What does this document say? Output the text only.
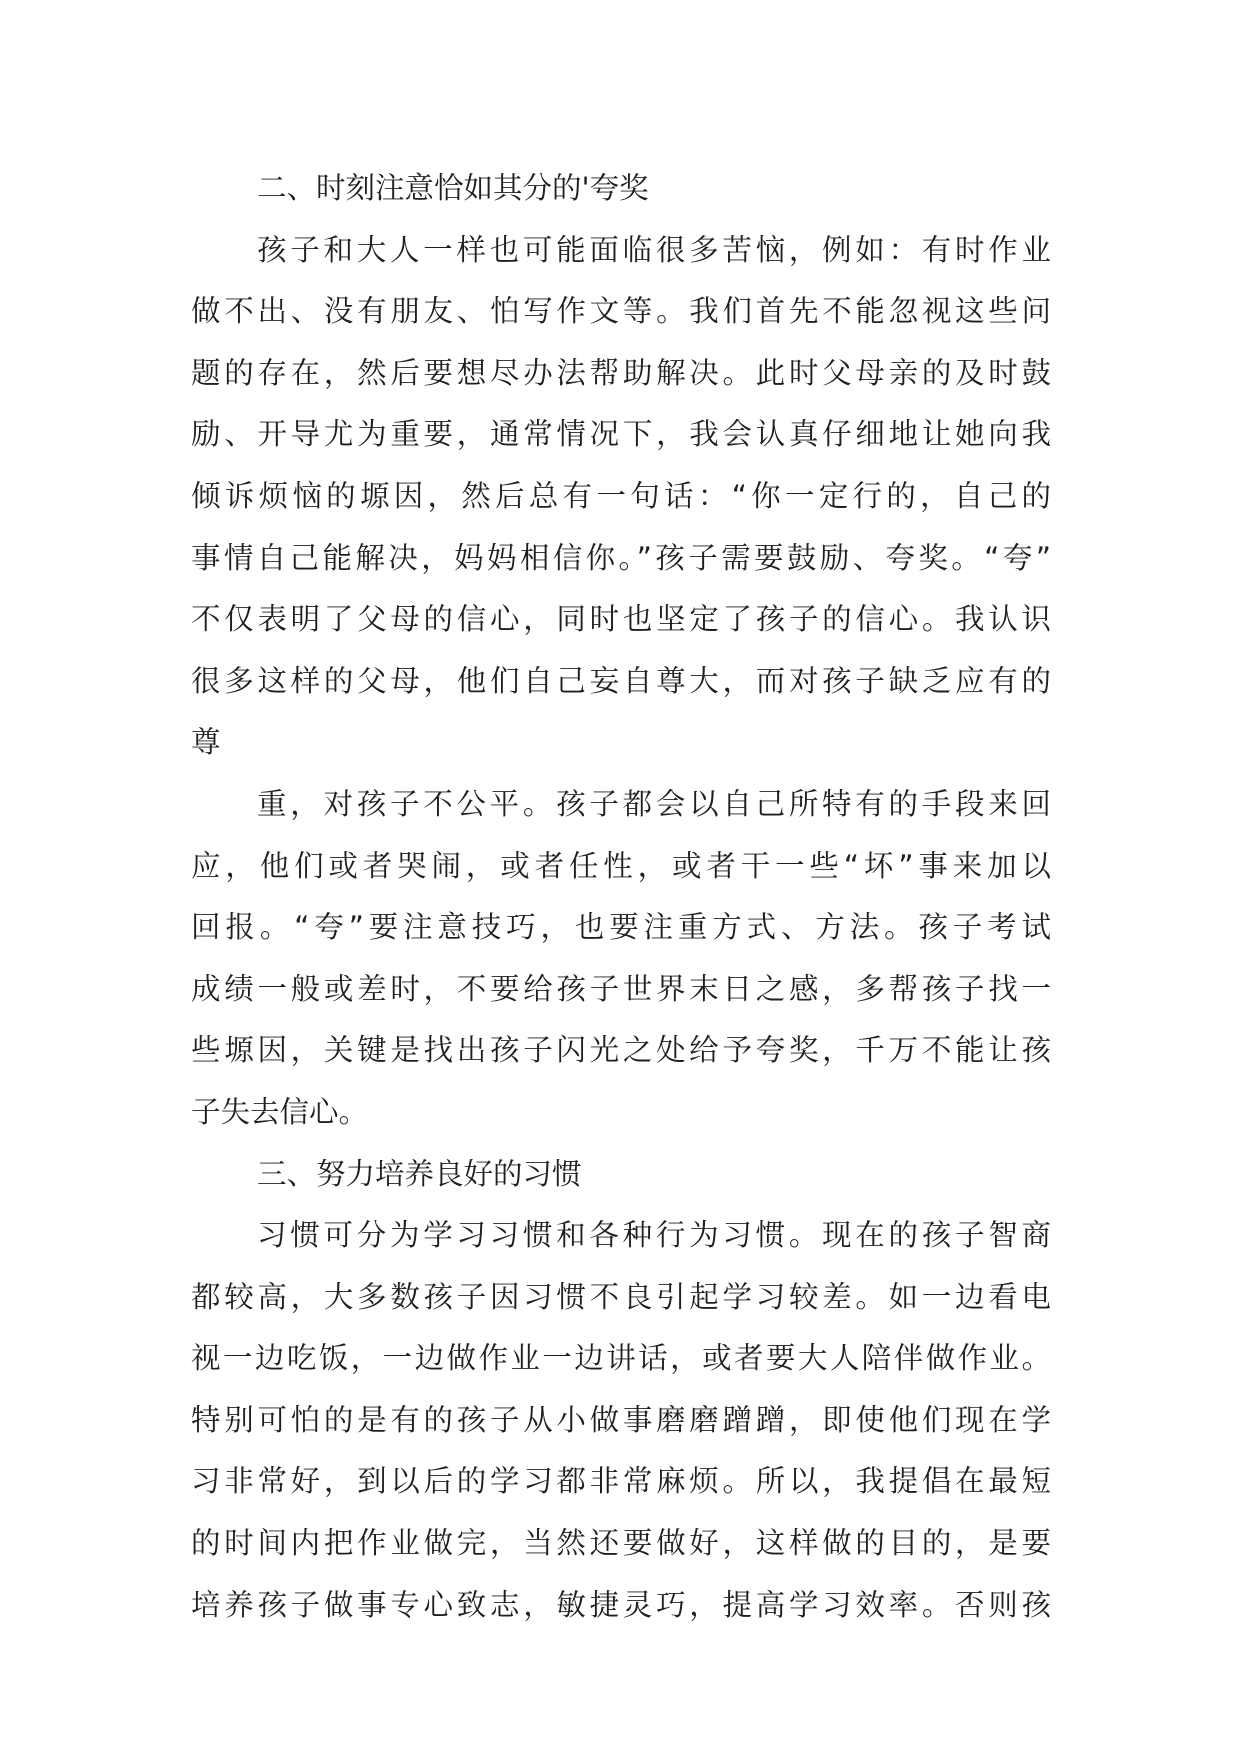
二、时刻注意恰如其分的'夸奖
孩子和大人一样也可能面临很多苦恼，例如：有时作业
做不出、没有朋友、怕写作文等。我们首先不能忽视这些问
题的存在，然后要想尽办法帮助解决。此时父母亲的及时鼓
励、开导尤为重要，通常情况下，我会认真仔细地让她向我
倾诉烦恼的塬因，然后总有一句话：“你一定行的，自己的
事情自己能解决，妈妈相信你。”孩子需要鼓励、夸奖。“夸”
不仅表明了父母的信心，同时也坚定了孩子的信心。我认识
很多这样的父母，他们自己妄自尊大，而对孩子缺乏应有的
尊
重，对孩子不公平。孩子都会以自己所特有的手段来回
应，他们或者哭闹，或者任性，或者干一些“坏”事来加以
回报。“夸”要注意技巧，也要注重方式、方法。孩子考试
成绩一般或差时，不要给孩子世界末日之感，多帮孩子找一
些塬因，关键是找出孩子闪光之处给予夸奖，千万不能让孩
子失去信心。
三、努力培养良好的习惯
习惯可分为学习习惯和各种行为习惯。现在的孩子智商
都较高，大多数孩子因习惯不良引起学习较差。如一边看电
视一边吃饭，一边做作业一边讲话，或者要大人陪伴做作业。
特别可怕的是有的孩子从小做事磨磨蹭蹭，即使他们现在学
习非常好，到以后的学习都非常麻烦。所以，我提倡在最短
的时间内把作业做完，当然还要做好，这样做的目的，是要
培养孩子做事专心致志，敏捷灵巧，提高学习效率。否则孩
